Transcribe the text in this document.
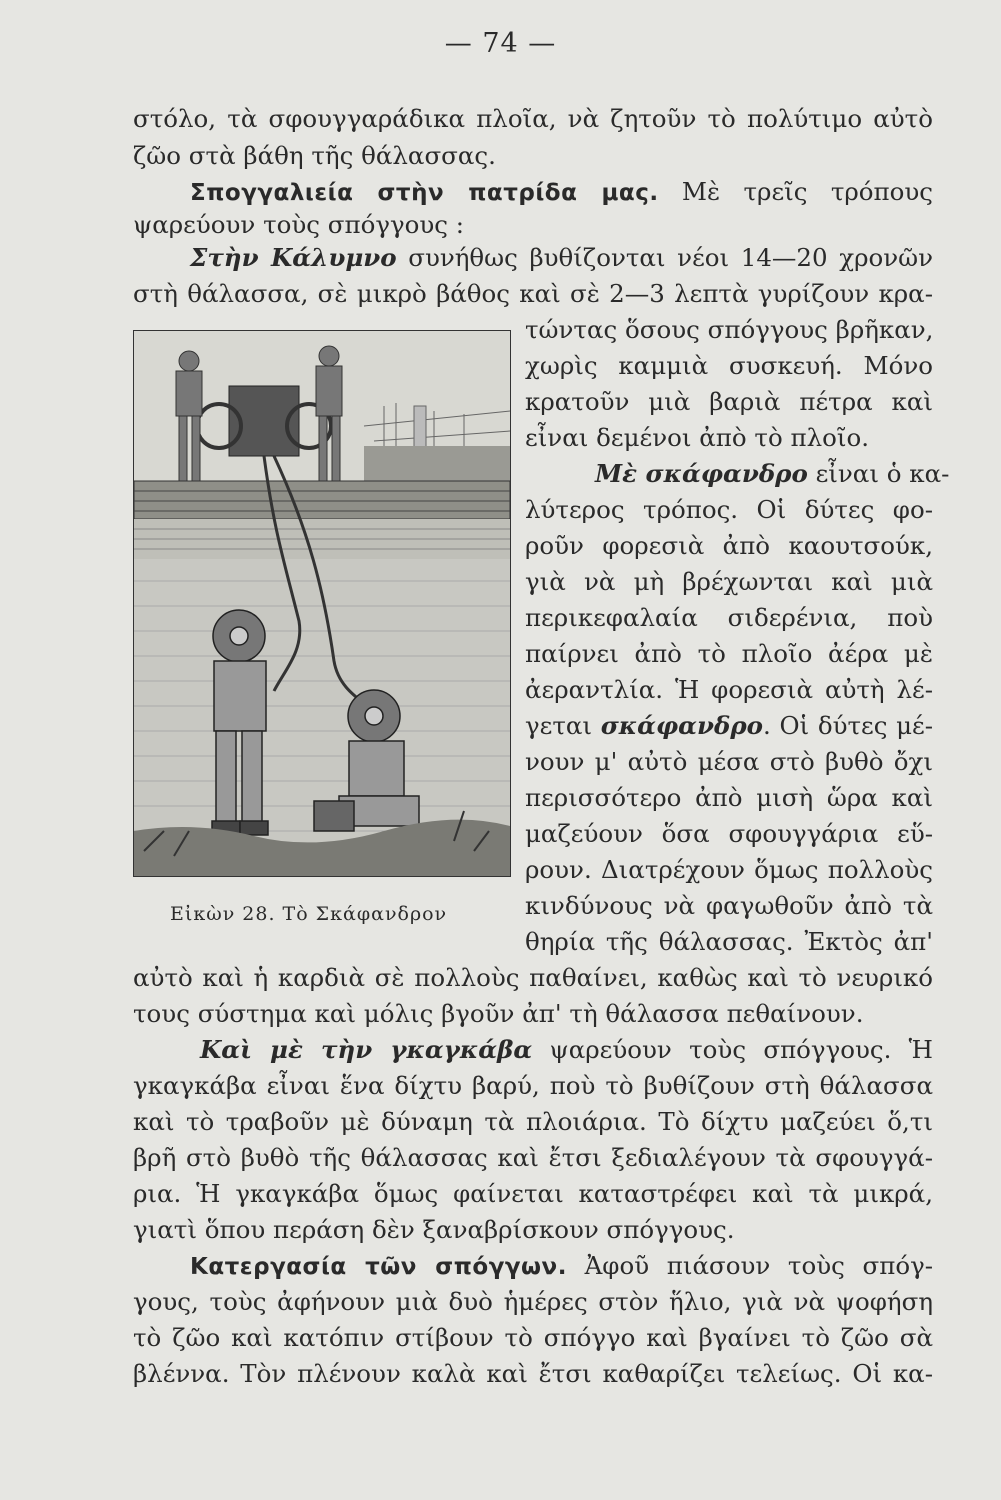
— 74 —
στόλο, τὰ σφουγγαράδικα πλοῖα, νὰ ζητοῦν τὸ πολύτιμο αὐτὸ
ζῶο στὰ βάθη τῆς θάλασσας.
Σπογγαλιεία στὴν πατρίδα μας. Μὲ τρεῖς τρόπους
ψαρεύουν τοὺς σπόγγους :
Στὴν Κάλυμνο συνήθως βυθίζονται νέοι 14—20 χρονῶν
στὴ θάλασσα, σὲ μικρὸ βάθος καὶ σὲ 2—3 λεπτὰ γυρίζουν κρα-
Εἰκὼν 28. Τὸ Σκάφανδρον
τώντας ὅσους σπόγγους βρῆκαν,
χωρὶς καμμιὰ συσκευή. Μόνο
κρατοῦν μιὰ βαριὰ πέτρα καὶ
εἶναι δεμένοι ἀπὸ τὸ πλοῖο.
Μὲ σκάφανδρο εἶναι ὁ κα-
λύτερος τρόπος. Οἱ δύτες φο-
ροῦν φορεσιὰ ἀπὸ καουτσούκ,
γιὰ νὰ μὴ βρέχωνται καὶ μιὰ
περικεφαλαία σιδερένια, ποὺ
παίρνει ἀπὸ τὸ πλοῖο ἀέρα μὲ
ἀεραντλία. Ἡ φορεσιὰ αὐτὴ λέ-
γεται σκάφανδρο. Οἱ δύτες μέ-
νουν μ' αὐτὸ μέσα στὸ βυθὸ ὄχι
περισσότερο ἀπὸ μισὴ ὥρα καὶ
μαζεύουν ὅσα σφουγγάρια εὕ-
ρουν. Διατρέχουν ὅμως πολλοὺς
κινδύνους νὰ φαγωθοῦν ἀπὸ τὰ
θηρία τῆς θάλασσας. Ἐκτὸς ἀπ'
αὐτὸ καὶ ἡ καρδιὰ σὲ πολλοὺς παθαίνει, καθὼς καὶ τὸ νευρικό
τους σύστημα καὶ μόλις βγοῦν ἀπ' τὴ θάλασσα πεθαίνουν.
Καὶ μὲ τὴν γκαγκάβα ψαρεύουν τοὺς σπόγγους. Ἡ
γκαγκάβα εἶναι ἕνα δίχτυ βαρύ, ποὺ τὸ βυθίζουν στὴ θάλασσα
καὶ τὸ τραβοῦν μὲ δύναμη τὰ πλοιάρια. Τὸ δίχτυ μαζεύει ὅ,τι
βρῆ στὸ βυθὸ τῆς θάλασσας καὶ ἔτσι ξεδιαλέγουν τὰ σφουγγά-
ρια. Ἡ γκαγκάβα ὅμως φαίνεται καταστρέφει καὶ τὰ μικρά,
γιατὶ ὅπου περάση δὲν ξαναβρίσκουν σπόγγους.
Κατεργασία τῶν σπόγγων. Ἀφοῦ πιάσουν τοὺς σπόγ-
γους, τοὺς ἀφήνουν μιὰ δυὸ ἡμέρες στὸν ἥλιο, γιὰ νὰ ψοφήση
τὸ ζῶο καὶ κατόπιν στίβουν τὸ σπόγγο καὶ βγαίνει τὸ ζῶο σὰ
βλέννα. Τὸν πλένουν καλὰ καὶ ἔτσι καθαρίζει τελείως. Οἱ κα-
